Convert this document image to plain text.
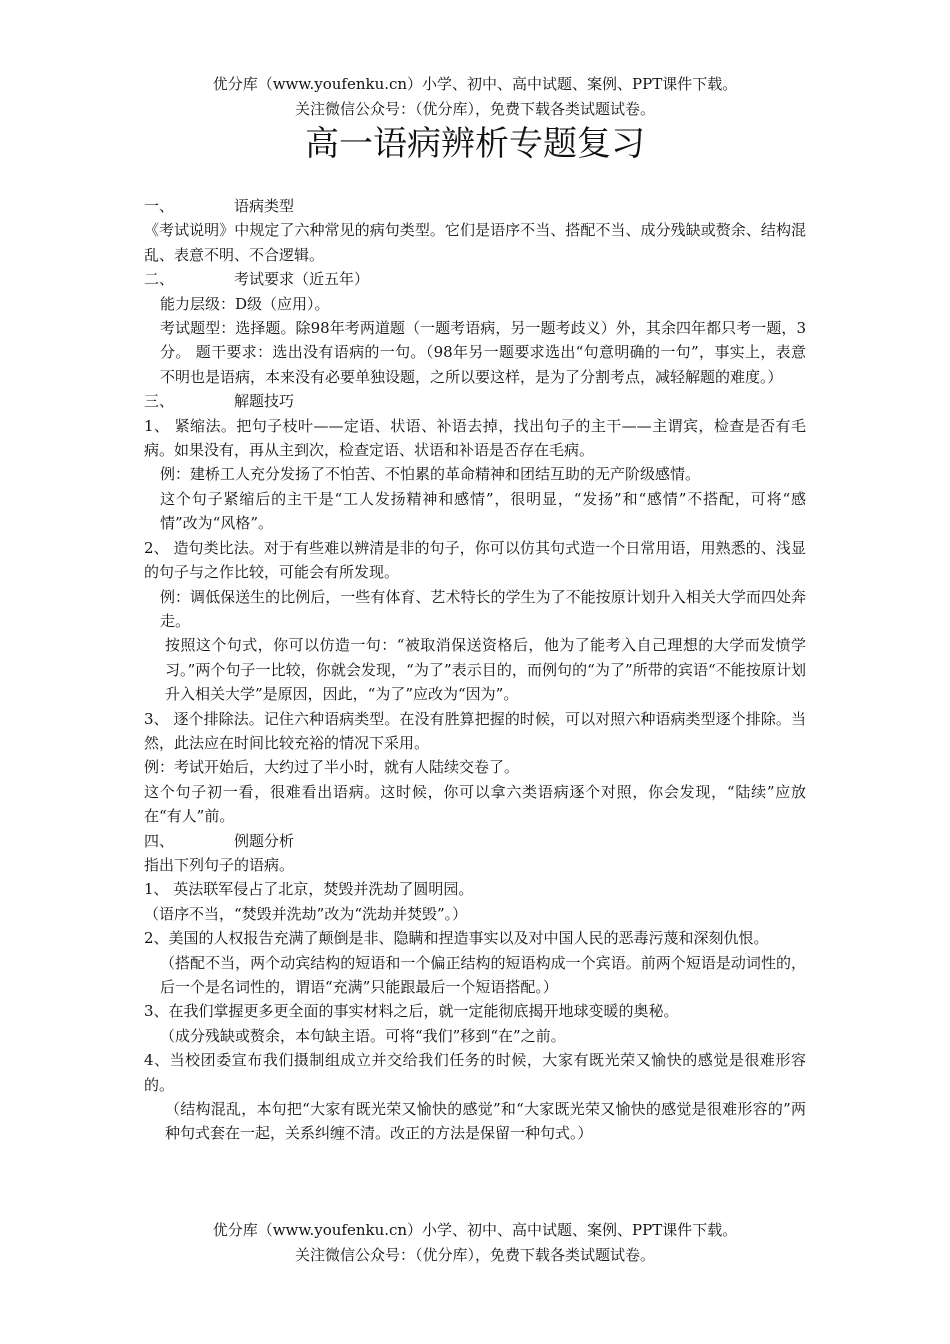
优分库（www.youfenku.cn）小学、初中、高中试题、案例、PPT课件下载。
关注微信公众号：（优分库），免费下载各类试题试卷。
高一语病辨析专题复习

一、	语病类型

《考试说明》中规定了六种常见的病句类型。它们是语序不当、搭配不当、成分残缺或赘余、结构混乱、表意不明、不合逻辑。

二、	考试要求（近五年）

能力层级：D级（应用）。

考试题型：选择题。除98年考两道题（一题考语病，另一题考歧义）外，其余四年都只考一题，3分。 题干要求：选出没有语病的一句。（98年另一题要求选出“句意明确的一句”，事实上，表意不明也是语病，本来没有必要单独设题，之所以要这样，是为了分割考点，减轻解题的难度。）

三、	解题技巧

1、 紧缩法。把句子枝叶——定语、状语、补语去掉，找出句子的主干——主谓宾，检查是否有毛病。如果没有，再从主到次，检查定语、状语和补语是否存在毛病。

例：建桥工人充分发扬了不怕苦、不怕累的革命精神和团结互助的无产阶级感情。

这个句子紧缩后的主干是“工人发扬精神和感情”，很明显，“发扬”和“感情”不搭配，可将“感情”改为“风格”。

2、 造句类比法。对于有些难以辨清是非的句子，你可以仿其句式造一个日常用语，用熟悉的、浅显的句子与之作比较，可能会有所发现。

例：调低保送生的比例后，一些有体育、艺术特长的学生为了不能按原计划升入相关大学而四处奔走。

按照这个句式，你可以仿造一句：“被取消保送资格后，他为了能考入自己理想的大学而发愤学习。”两个句子一比较，你就会发现，“为了”表示目的，而例句的“为了”所带的宾语“不能按原计划升入相关大学”是原因，因此，“为了”应改为“因为”。

3、 逐个排除法。记住六种语病类型。在没有胜算把握的时候，可以对照六种语病类型逐个排除。当然，此法应在时间比较充裕的情况下采用。

例：考试开始后，大约过了半小时，就有人陆续交卷了。

这个句子初一看，很难看出语病。这时候，你可以拿六类语病逐个对照，你会发现，“陆续”应放在“有人”前。

四、	例题分析

指出下列句子的语病。

1、 英法联军侵占了北京，焚毁并洗劫了圆明园。

（语序不当，“焚毁并洗劫”改为“洗劫并焚毁”。）

2、美国的人权报告充满了颠倒是非、隐瞒和捏造事实以及对中国人民的恶毒污蔑和深刻仇恨。

（搭配不当，两个动宾结构的短语和一个偏正结构的短语构成一个宾语。前两个短语是动词性的，后一个是名词性的，谓语“充满”只能跟最后一个短语搭配。）

3、在我们掌握更多更全面的事实材料之后，就一定能彻底揭开地球变暖的奥秘。

（成分残缺或赘余，本句缺主语。可将“我们”移到“在”之前。

4、当校团委宣布我们摄制组成立并交给我们任务的时候，大家有既光荣又愉快的感觉是很难形容的。

（结构混乱，本句把“大家有既光荣又愉快的感觉”和“大家既光荣又愉快的感觉是很难形容的”两种句式套在一起，关系纠缠不清。改正的方法是保留一种句式。）

优分库（www.youfenku.cn）小学、初中、高中试题、案例、PPT课件下载。
关注微信公众号：（优分库），免费下载各类试题试卷。
